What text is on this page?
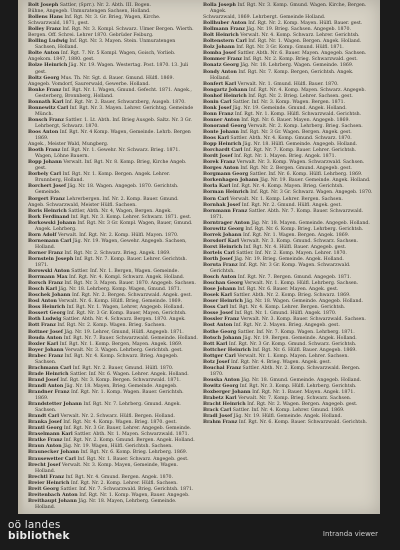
Bolt Joseph Sattler, (Sprr.). Nr. 2. Abth. III. Bogen.

Bühne, Angegeb. Unmuratengen Sachsen, Holland.

Bollens Hans Inf. Rgt. Nr. 3. Gr. Brieg, Wagen, Kirche.

Schwarzwald, 1871, gest.

Bolley Franz Inf. Rgt. Nr. 3. Kompl. Schwarz. Ulmer Bergen. Wierth.

Bergen. Off. Schrei. Lehrer 1870. Gebrüder Feiburg.

Bolling Ludwig Inf. Rgt. Nr. 3. Mayen. Stein. Unmuratengen Sachsen, Holland.

Bolte Anton Inf. Rgt. 7. Nr. 5 Kompl. Wagen, Goisch, Vorlieb.

Angekom. 1847, 1880. gest.

Bolze Heinrich Jäg. Nr. 19. Wagen. Westertag. Post. 1870. 13. Juli gest.

Boltz Georg Mus. Th. Nr. Sgt. d. Bauer. Gmund. Hülfl. 1869.

Angegeb. Vomdorf, Saurerwald, Gewerbe. Holland.

Bonke Franz Inf. Rgt. Nr. 1. Wagen, Gmund. Gefecht. 1871. Angek., Gesterberg, Bronnberg, Holland.

Bonnath Karl Inf. Rgt. Nr. 2. Bauer, Schwarzberg, Ausgeb. 1870.

Bonnewitz Carl Inf. Rgt. Nr. 3. Mayen. Lehrer. Gerichtsg. Gemeinde Münch.

Bonsch Franz Sattler. 1. Lt. Abth. Inf. Brieg Ausgeb. Saltz. Nr. 3 Gr. Lehrbergt, Schwarz. 1870.

Boos Anton Inf. Rgt. Nr. 4 Komp. Wagen, Gemeinde. Lehrb. Bergen 1869.

Angek., Meister Wald, Mungberg.

Booth Franz Inf. Rgt. Nr. 1. Gewehr. Nr. Schwarz. Brieg. 1871. Wagen, Löhne Bauern.

Bopp Johann Verwalt. Inf. Rgt. Nr. 8. Komp. Brieg, Kirche Angeb. gest.

Borbely Carl Inf. Rgt. Nr. 1. Komp. Bergen. Angek. Lehrer. Brunnberg, Holland.

Borchert Josef Jäg. Nr. 18. Wagen. Angegeb. 1870. Gerichtsh. Gemeinde.

Borgert Franz Lehrerbergen. Inf. Nr. 2. Komp. Bauer. Gmund.

Angeb. Schwarzwald, Meister Hülfl. Sachsen.

Boris Heinrich Sattler, Abth. Nr. 4, Wagen, Bergen. Angek.

Bork Ferdinand Inf. Rgt. Nr. 3. Komp. Lehrer. Schwarz. 1871. gest.

Borkowski Johann Inf. Rgt. Nr. 3 Gr. Kompl. Wagen, Bauer, Gmund. Angek. Lehrberg.

Born Adolf Verwalt. Inf. Rgt. Nr. 2. Komp. Hülfl. Mayen. 1870.

Bornemann Carl Jäg. Nr. 19. Wagen, Gewehr. Angegeb. Sachsen, Holland.

Borner Franz Inf. Rgt. Nr. 2. Schwarz. Brieg. Angek. 1869.

Bornstein Joseph Inf. Rgt. Nr. 7. Komp. Bauer. Lehrer. Gerichtsh. 1871.

Borowski Anton Sattler. Inf. Nr. 1. Bergen, Wagen. Gemeinde.

Borrmann Max Inf. Rgt. Nr. 4. Kompl. Schwarz. Angek. Holland.

Borsch Franz Inf. Rgt. Nr. 3. Mayen. Bauer. 1870. Angegeb. Sachsen.

Bosch Karl Jäg. Nr. 18. Lehrberg. Komp. Wagen, Gmund. 1871.

Boschek Johann Inf. Rgt. Nr. 2. Bergen. Schwarzwald. Angek. gest.

Bosl Anton Verwalt. Nr. 6. Komp. Hülfl. Brieg, Gemeinde. 1869.

Boss Heinrich Inf. Rgt. Nr. 1. Wagen, Lehrer, Angegeb. Holland.

Bossert Georg Inf. Rgt. Nr. 3 Gr. Komp. Bauer, Mayen, Gerichtsh.

Both Ludwig Sattler. Abth. Nr. 4. Schwarz. Bergen. 1870. Angek.

Bott Franz Inf. Rgt. Nr. 2. Komp. Wagen. Brieg. Sachsen.

Bottner Josef Jäg. Nr. 19. Lehrer, Gmund, Hülfl. Angegeb. 1871.

Bouda Anton Inf. Rgt. Nr. 7. Bauer. Schwarzwald. Gemeinde. Holland.

Boxler Karl Inf. Rgt. Nr. 1. Komp. Bergen, Mayen. Angek. 1869.

Boyer Johann Verwalt. Nr. 3. Wagen. Lehrberg. Gerichtsh. gest.

Brabec Franz Inf. Rgt. Nr. 4. Komp. Schwarz. Brieg. Angegeb. Sachsen.

Brachmann Carl Inf. Rgt. Nr. 2. Bauer, Gmund. Hülfl. 1870.

Brade Heinrich Sattler. Inf. Nr. 6. Wagen. Lehrer. Angek. Holland.

Brand Josef Inf. Rgt. Nr. 3. Komp. Bergen. Schwarzwald. 1871.

Brandl Anton Jäg. Nr. 18. Mayen, Brieg. Gemeinde. Angegeb.

Brandner Franz Inf. Rgt. Nr. 1. Komp. Wagen. Bauer. Gerichtsh. 1869.

Brandstetter Johann Inf. Rgt. Nr. 7. Lehrberg. Gmund. Angek. Sachsen.

Brandt Carl Verwalt. Nr. 2. Schwarz. Hülfl. Bergen. Holland.

Branka Josef Inf. Rgt. Nr. 4. Komp. Wagen. Brieg. 1870. gest.

Brantl Georg Inf. Rgt. Nr. 3 Gr. Bauer, Lehrer. Angegeb. Gemeinde.

Braselmann Karl Sattler. Abth. Nr. 1. Mayen. Schwarzwald. 1871.

Bratke Franz Inf. Rgt. Nr. 2. Komp. Gmund. Bergen. Angek. Holland.

Braun Anton Jäg. Nr. 19. Wagen, Hülfl. Gerichtsh. Sachsen.

Braunecker Johann Inf. Rgt. Nr. 6. Komp. Brieg. Lehrberg. 1869.

Brausewetter Carl Inf. Rgt. Nr. 1. Bauer. Schwarz. Angegeb. gest.

Brecht Josef Verwalt. Nr. 3. Komp. Mayen, Gemeinde, Wagen. Holland.

Brechtl Franz Inf. Rgt. Nr. 4. Gmund. Bergen. Angek. 1870.

Breier Heinrich Inf. Rgt. Nr. 2. Komp. Lehrer. Hülfl. Sachsen.

Breit Georg Sattler. Inf. Nr. 7. Schwarzwald. Brieg. Gerichtsh. 1871.

Breitenbach Anton Inf. Rgt. Nr. 1. Komp. Wagen, Bauer. Angegeb.

Breithaupt Johann Jäg. Nr. 18. Mayen, Lehrberg. Gemeinde. Holland.

Bolla Joseph Inf. Rgt. Nr. 3. Komp. Gmund. Wagen. Kirche, Bergen. Angek.

Schwarzwald, 1869. Lehrbergt. Gemeinde Holland.

Bollhuber Anton Inf. Rgt. Nr. 2. Komp. Mayen. Hülfl. Bauer. gest.

Bollmann Franz Jäg. Nr. 19. Brieg. Sachsen. Angegeb. 1870.

Bolt Heinrich Verwalt. Nr. 4. Komp. Schwarz. Lehrer. Gerichtsh.

Boltenstern Carl Inf. Rgt. Nr. 1. Wagen. Bergen. Angek. Holland.

Bolz Johann Inf. Rgt. Nr. 3 Gr. Komp. Gmund. Hülfl. 1871.

Bomba Josef Sattler. Abth. Nr. 6. Bauer. Mayen. Angegeb. Sachsen.

Bommer Franz Inf. Rgt. Nr. 2. Komp. Brieg. Schwarzwald. gest.

Bonatz Georg Jäg. Nr. 18. Lehrberg. Wagen. Gemeinde. 1869.

Bondy Anton Inf. Rgt. Nr. 7. Komp. Bergen, Gerichtsh. Angek. Holland.

Bonfert Karl Verwalt. Nr. 1. Gmund. Hülfl. Bauer. 1870.

Bongartz Johann Inf. Rgt. Nr. 4. Komp. Mayen. Schwarz. Angegeb.

Bonhof Heinrich Inf. Rgt. Nr. 2. Brieg. Lehrer. Sachsen. gest.

Bonin Carl Sattler. Inf. Nr. 3. Komp. Wagen. Bergen. 1871.

Bonk Josef Jäg. Nr. 19. Gemeinde. Gmund. Angek. Holland.

Bonn Franz Inf. Rgt. Nr. 1. Komp. Hülfl. Schwarzwald. Gerichtsh.

Bonner Anton Inf. Rgt. Nr. 6. Bauer. Mayen. Angegeb. 1869.

Bonorand Georg Verwalt. Nr. 2. Komp. Lehrberg. Brieg. Sachsen.

Bonte Johann Inf. Rgt. Nr. 3 Gr. Wagen. Bergen. Angek. gest.

Boos Karl Sattler. Abth. Nr. 4. Komp. Gmund. Schwarz. 1870.

Bopp Heinrich Jäg. Nr. 18. Hülfl. Gemeinde. Angegeb. Holland.

Borchardt Carl Inf. Rgt. Nr. 7. Komp. Bauer. Lehrer. Gerichtsh.

Bordt Josef Inf. Rgt. Nr. 1. Mayen. Brieg. Angek. 1871.

Borek Franz Verwalt. Nr. 3. Komp. Wagen. Schwarzwald. Sachsen.

Borges Anton Inf. Rgt. Nr. 2. Bergen. Gmund. Angegeb. gest.

Borgmann Georg Sattler. Inf. Nr. 6. Komp. Hülfl. Lehrberg. 1869.

Borkenhagen Johann Jäg. Nr. 19. Bauer. Gemeinde. Angek. Holland.

Borla Karl Inf. Rgt. Nr. 4. Komp. Mayen. Brieg. Gerichtsh.

Borman Heinrich Inf. Rgt. Nr. 3 Gr. Schwarz. Wagen. Angegeb. 1870.

Born Carl Verwalt. Nr. 1. Komp. Lehrer. Bergen. Sachsen.

Bornhak Josef Inf. Rgt. Nr. 2. Gmund. Hülfl. Angek. gest.

Bornmann Franz Sattler. Abth. Nr. 7. Komp. Bauer. Schwarzwald. 1871.

Borntrager Anton Jäg. Nr. 18. Mayen. Gemeinde. Angegeb. Holland.

Borowitz Georg Inf. Rgt. Nr. 6. Komp. Brieg. Lehrberg. Gerichtsh.

Borrek Johann Inf. Rgt. Nr. 1. Wagen. Bergen. Angek. 1869.

Borsdorf Karl Verwalt. Nr. 3. Komp. Gmund. Schwarz. Sachsen.

Borst Heinrich Inf. Rgt. Nr. 4. Hülfl. Bauer. Angegeb. gest.

Bortels Carl Sattler. Inf. Nr. 2. Komp. Mayen. Lehrer. 1870.

Borth Josef Jäg. Nr. 19. Brieg. Gemeinde. Angek. Holland.

Boruta Franz Inf. Rgt. Nr. 3 Gr. Komp. Wagen. Schwarzwald. Gerichtsh.

Bosch Anton Inf. Rgt. Nr. 7. Bergen. Gmund. Angegeb. 1871.

Boschan Georg Verwalt. Nr. 1. Komp. Hülfl. Lehrberg. Sachsen.

Bose Johann Inf. Rgt. Nr. 6. Bauer. Mayen. Angek. gest.

Bosek Karl Sattler. Abth. Nr. 2. Komp. Brieg. Schwarz. 1869.

Boser Heinrich Jäg. Nr. 18. Wagen. Gemeinde. Angegeb. Holland.

Boss Carl Inf. Rgt. Nr. 4. Komp. Lehrer. Bergen. Gerichtsh.

Bosse Josef Inf. Rgt. Nr. 1. Gmund. Hülfl. Angek. 1870.

Bossler Franz Verwalt. Nr. 3. Komp. Bauer. Schwarzwald. Sachsen.

Bost Anton Inf. Rgt. Nr. 2. Mayen. Brieg. Angegeb. gest.

Bothe Georg Sattler. Inf. Nr. 7. Komp. Wagen. Lehrberg. 1871.

Botsch Johann Jäg. Nr. 19. Bergen. Gemeinde. Angek. Holland.

Bott Karl Inf. Rgt. Nr. 3 Gr. Komp. Gmund. Schwarz. Gerichtsh.

Bottcher Heinrich Inf. Rgt. Nr. 6. Hülfl. Bauer. Angegeb. 1869.

Bottger Carl Verwalt. Nr. 1. Komp. Mayen. Lehrer. Sachsen.

Botz Josef Inf. Rgt. Nr. 4. Brieg. Wagen. Angek. gest.

Bouchal Franz Sattler. Abth. Nr. 2. Komp. Schwarzwald. Bergen. 1870.

Bouska Anton Jäg. Nr. 18. Gmund. Gemeinde. Angegeb. Holland.

Bowitz Georg Inf. Rgt. Nr. 3. Komp. Hülfl. Lehrberg. Gerichtsh.

Boxberger Johann Inf. Rgt. Nr. 1. Bauer. Mayen. Angek. 1871.

Brabetz Karl Verwalt. Nr. 7. Komp. Brieg. Schwarz. Sachsen.

Bracht Heinrich Inf. Rgt. Nr. 2. Wagen. Bergen. Angegeb. gest.

Brack Carl Sattler. Inf. Nr. 4. Komp. Lehrer. Gmund. 1869.

Bradl Josef Jäg. Nr. 19. Hülfl. Gemeinde. Angek. Holland.

Brahm Franz Inf. Rgt. Nr. 6. Komp. Bauer. Schwarzwald. Gerichtsh.

oö landes
bibliothek	Intranda viewer
